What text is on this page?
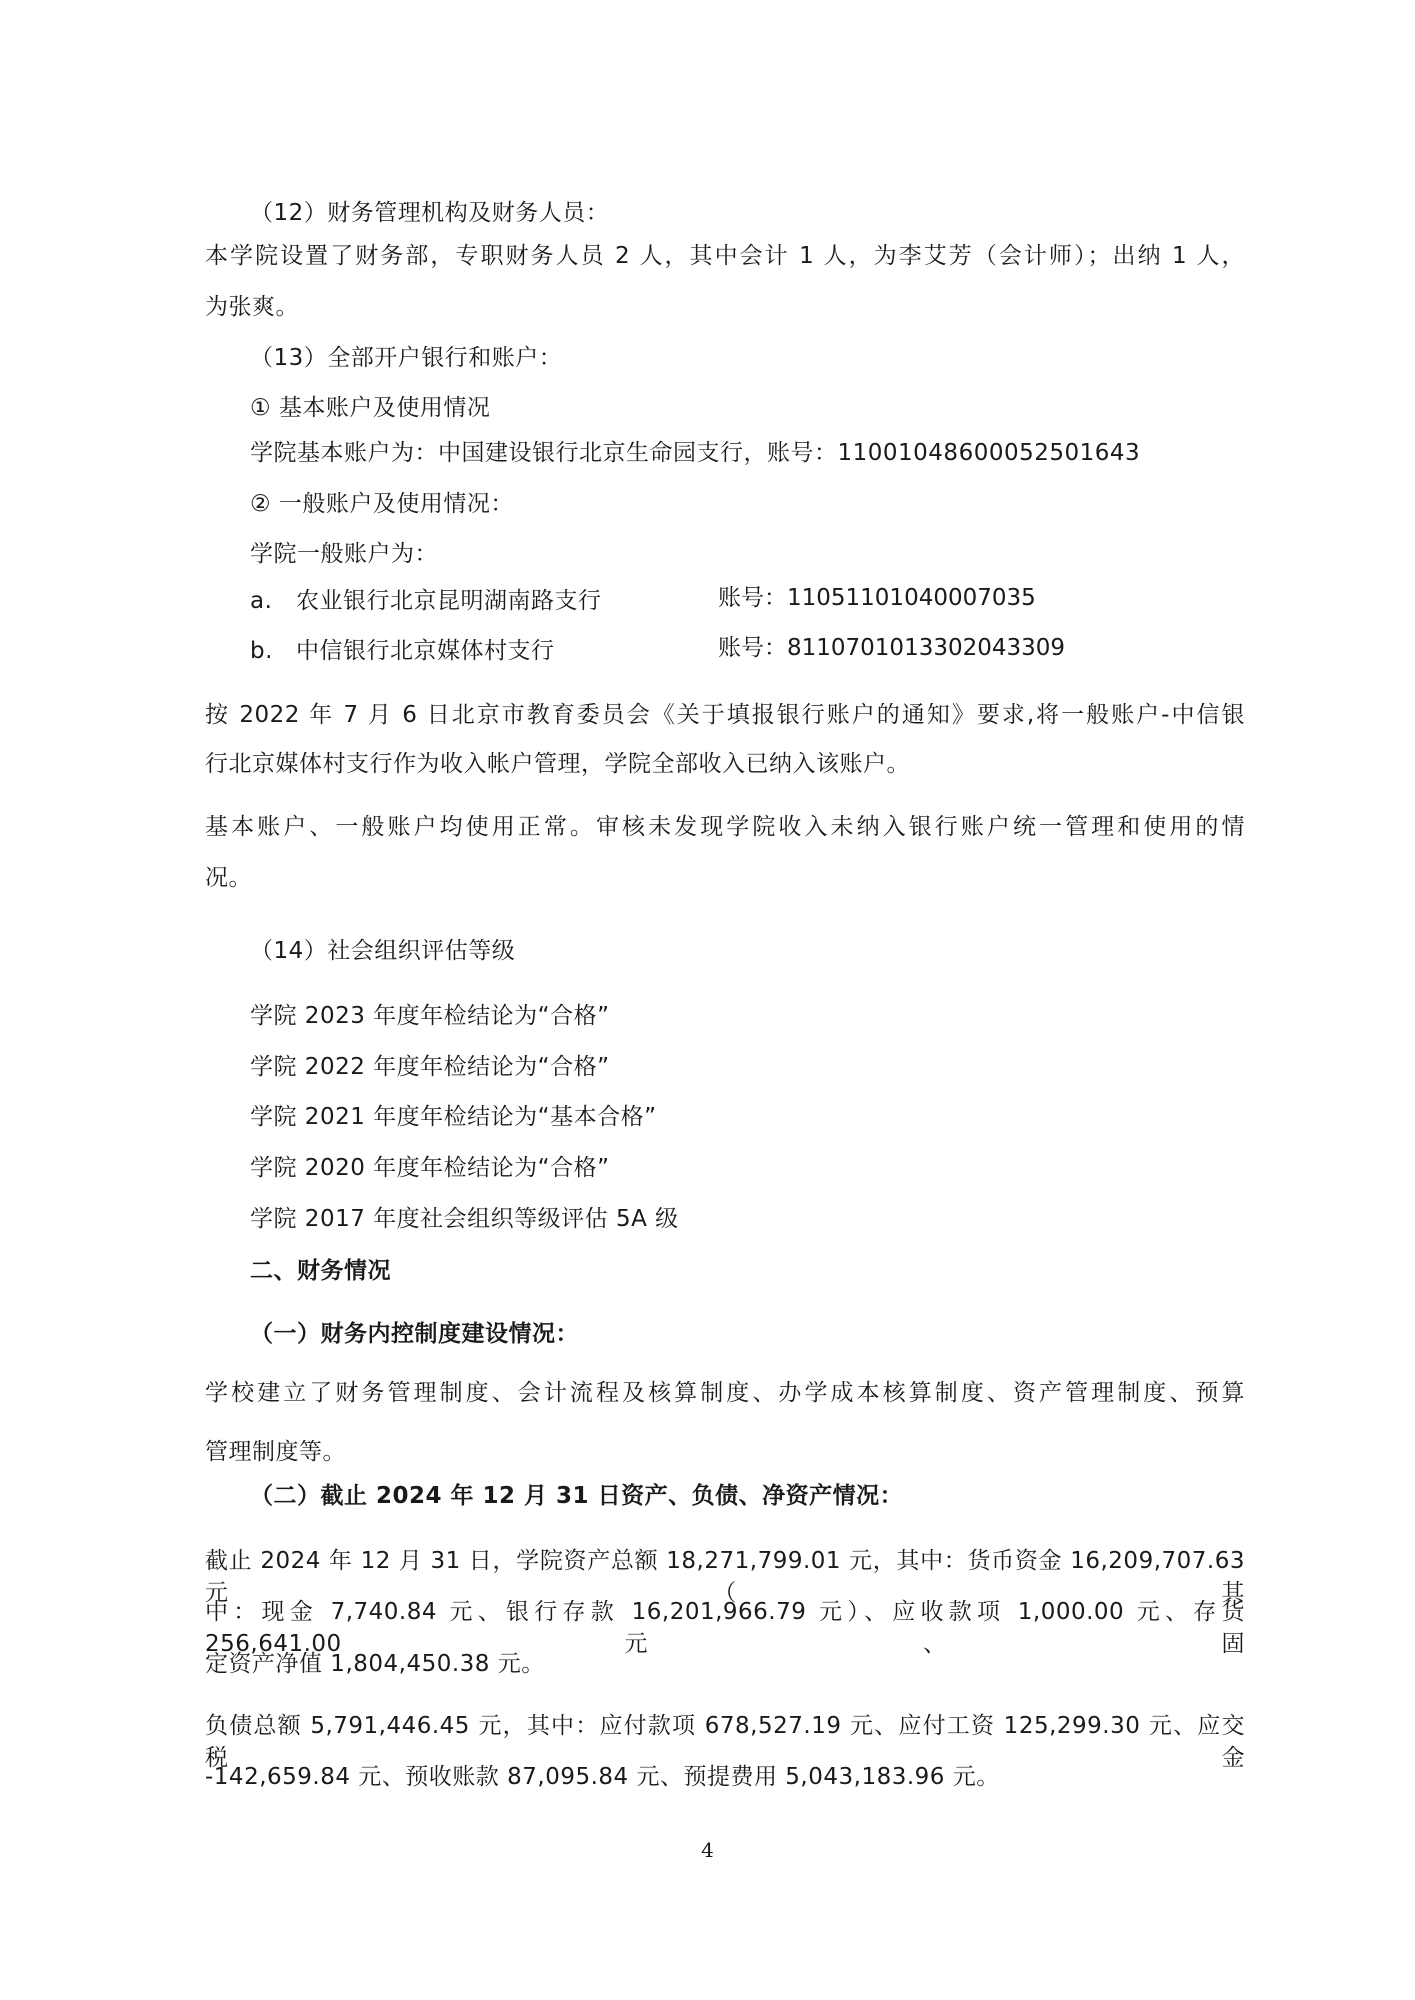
（12）财务管理机构及财务人员：
本学院设置了财务部，专职财务人员 2 人，其中会计 1 人，为李艾芳（会计师）；出纳 1 人，
为张爽。
（13）全部开户银行和账户：
① 基本账户及使用情况
学院基本账户为：中国建设银行北京生命园支行，账号：11001048600052501643
② 一般账户及使用情况：
学院一般账户为：
a. 农业银行北京昆明湖南路支行	账号：11051101040007035
b. 中信银行北京媒体村支行	账号：8110701013302043309
按 2022 年 7 月 6 日北京市教育委员会《关于填报银行账户的通知》要求,将一般账户-中信银
行北京媒体村支行作为收入帐户管理，学院全部收入已纳入该账户。
基本账户、一般账户均使用正常。审核未发现学院收入未纳入银行账户统一管理和使用的情
况。
（14）社会组织评估等级
学院 2023 年度年检结论为“合格”
学院 2022 年度年检结论为“合格”
学院 2021 年度年检结论为“基本合格”
学院 2020 年度年检结论为“合格”
学院 2017 年度社会组织等级评估 5A 级
二、财务情况
（一）财务内控制度建设情况：
学校建立了财务管理制度、会计流程及核算制度、办学成本核算制度、资产管理制度、预算
管理制度等。
（二）截止 2024 年 12 月 31 日资产、负债、净资产情况：
截止 2024 年 12 月 31 日，学院资产总额 18,271,799.01 元，其中：货币资金 16,209,707.63 元（其
中：现金 7,740.84 元、银行存款 16,201,966.79 元）、应收款项 1,000.00 元、存货 256,641.00 元、固
定资产净值 1,804,450.38 元。
负债总额 5,791,446.45 元，其中：应付款项 678,527.19 元、应付工资 125,299.30 元、应交税金
-142,659.84 元、预收账款 87,095.84 元、预提费用 5,043,183.96 元。
4
